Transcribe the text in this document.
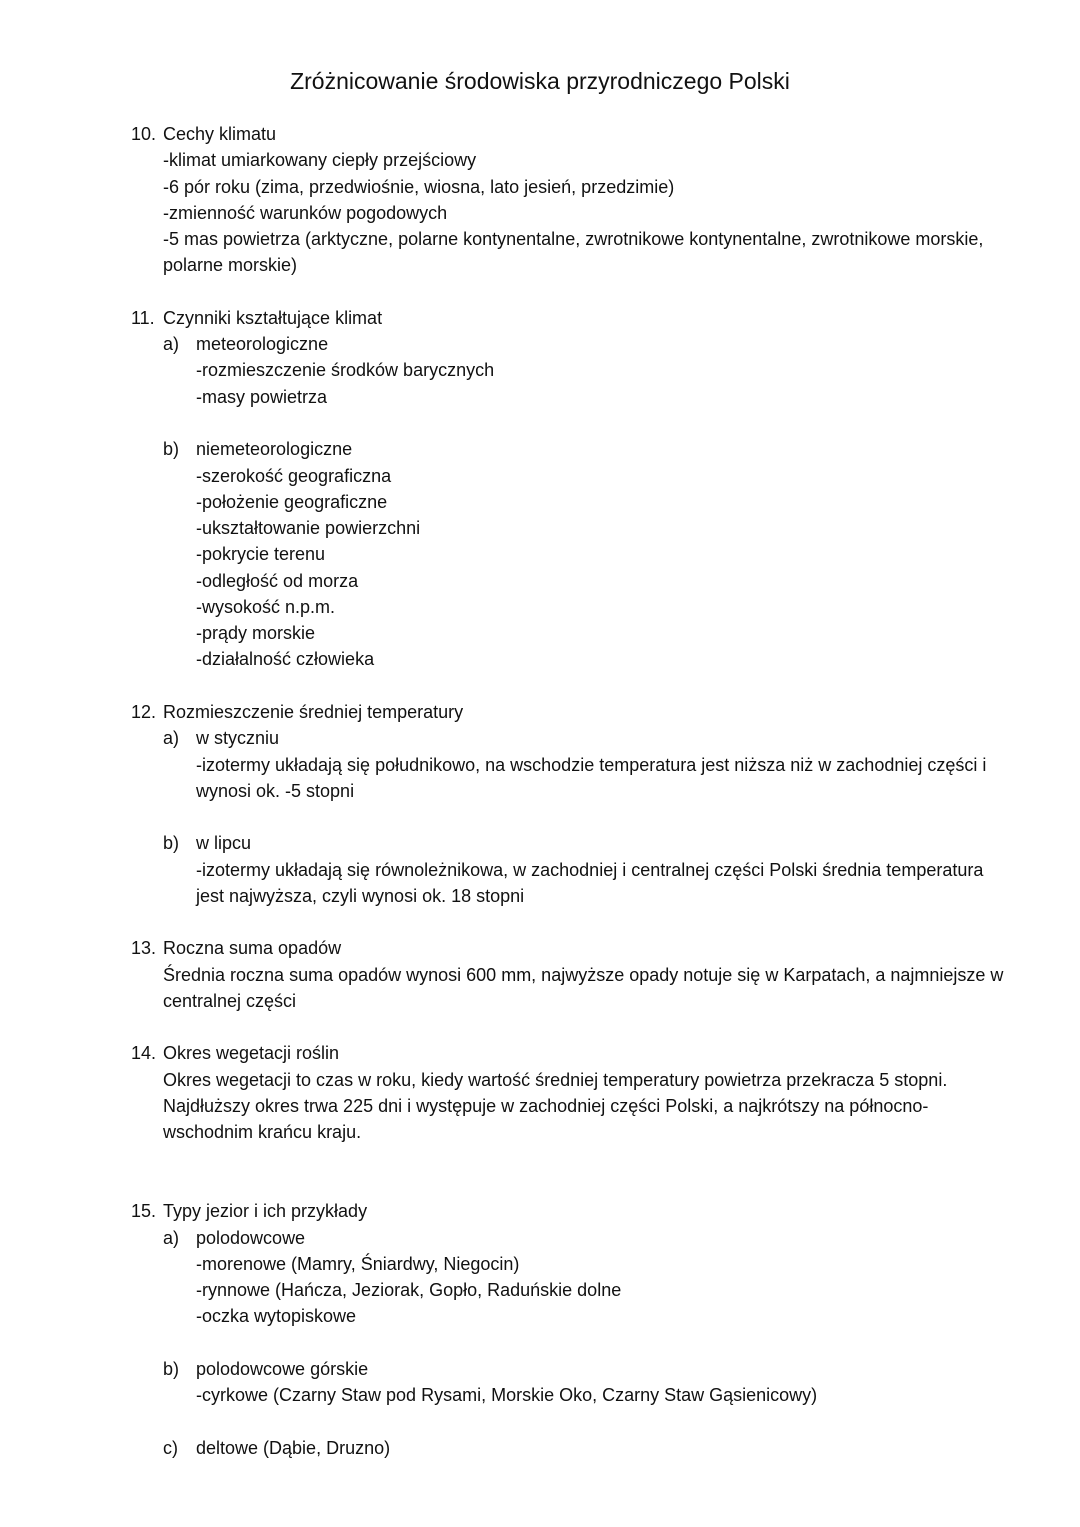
Zróżnicowanie środowiska przyrodniczego Polski
10. Cechy klimatu
-klimat umiarkowany ciepły przejściowy
-6 pór roku (zima, przedwiośnie, wiosna, lato jesień, przedzimie)
-zmienność warunków pogodowych
-5 mas powietrza (arktyczne, polarne kontynentalne, zwrotnikowe kontynentalne, zwrotnikowe morskie,
polarne morskie)
11. Czynniki kształtujące klimat
a) meteorologiczne
-rozmieszczenie środków barycznych
-masy powietrza
b) niemeteorologiczne
-szerokość geograficzna
-położenie geograficzne
-ukształtowanie powierzchni
-pokrycie terenu
-odległość od morza
-wysokość n.p.m.
-prądy morskie
-działalność człowieka
12. Rozmieszczenie średniej temperatury
a) w styczniu
-izotermy układają się południkowo, na wschodzie temperatura jest niższa niż w zachodniej części i
wynosi ok. -5 stopni
b) w lipcu
-izotermy układają się równoleżnikowa, w zachodniej i centralnej części Polski średnia temperatura
jest najwyższa, czyli wynosi ok. 18 stopni
13. Roczna suma opadów
Średnia roczna suma opadów wynosi 600 mm, najwyższe opady notuje się w Karpatach, a najmniejsze w
centralnej części
14. Okres wegetacji roślin
Okres wegetacji to czas w roku, kiedy wartość średniej temperatury powietrza przekracza 5 stopni.
Najdłuższy okres trwa 225 dni i występuje w zachodniej części Polski, a najkrótszy na północno-
wschodnim krańcu kraju.
15. Typy jezior i ich przykłady
a) polodowcowe
-morenowe (Mamry, Śniardwy, Niegocin)
-rynnowe (Hańcza, Jeziorak, Gopło, Raduńskie dolne
-oczka wytopiskowe
b) polodowcowe górskie
-cyrkowe (Czarny Staw pod Rysami, Morskie Oko, Czarny Staw Gąsienicowy)
c) deltowe (Dąbie, Druzno)
